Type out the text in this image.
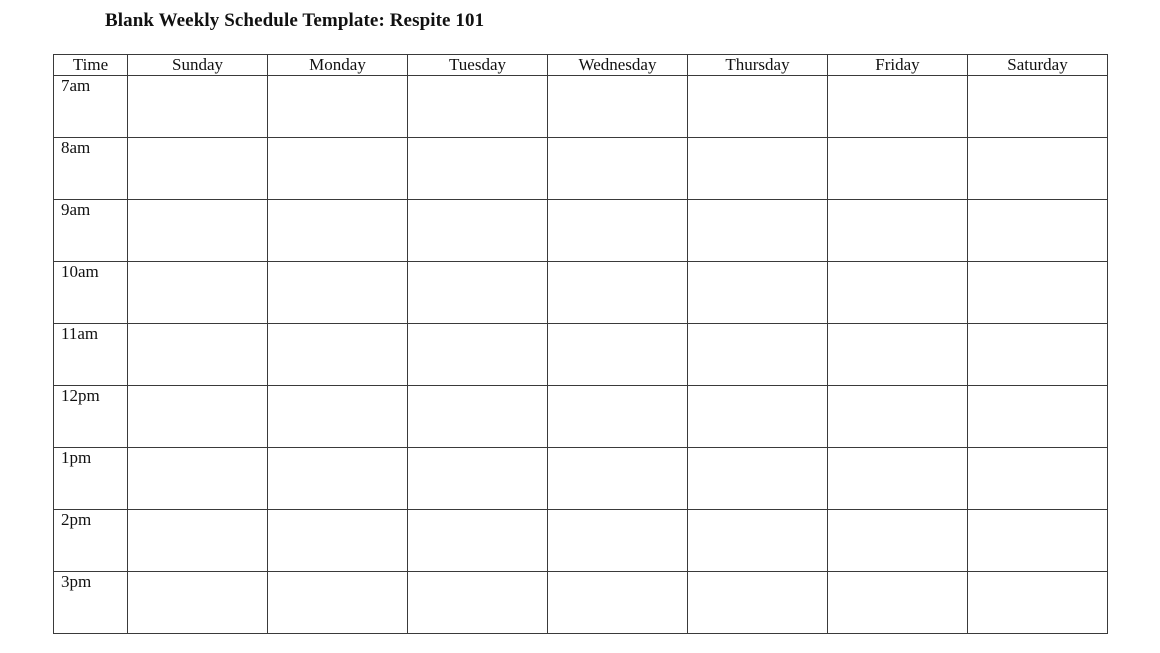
Blank Weekly Schedule Template: Respite 101
Time	Sunday	Monday	Tuesday	Wednesday	Thursday	Friday	Saturday
7am							
8am							
9am							
10am							
11am							
12pm							
1pm							
2pm							
3pm							
